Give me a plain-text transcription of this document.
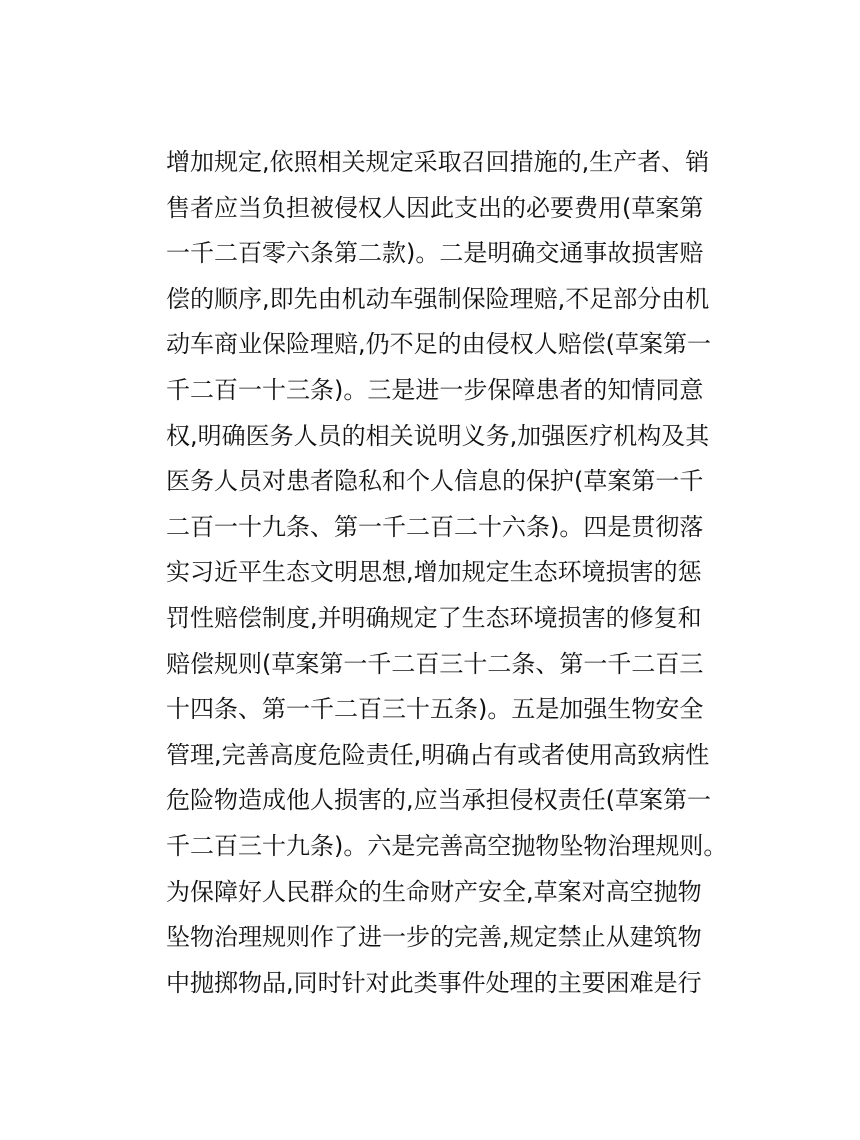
增加规定,依照相关规定采取召回措施的,生产者、销
售者应当负担被侵权人因此支出的必要费用(草案第
一千二百零六条第二款)。二是明确交通事故损害赔
偿的顺序,即先由机动车强制保险理赔,不足部分由机
动车商业保险理赔,仍不足的由侵权人赔偿(草案第一
千二百一十三条)。三是进一步保障患者的知情同意
权,明确医务人员的相关说明义务,加强医疗机构及其
医务人员对患者隐私和个人信息的保护(草案第一千
二百一十九条、第一千二百二十六条)。四是贯彻落
实习近平生态文明思想,增加规定生态环境损害的惩
罚性赔偿制度,并明确规定了生态环境损害的修复和
赔偿规则(草案第一千二百三十二条、第一千二百三
十四条、第一千二百三十五条)。五是加强生物安全
管理,完善高度危险责任,明确占有或者使用高致病性
危险物造成他人损害的,应当承担侵权责任(草案第一
千二百三十九条)。六是完善高空抛物坠物治理规则。
为保障好人民群众的生命财产安全,草案对高空抛物
坠物治理规则作了进一步的完善,规定禁止从建筑物
中抛掷物品,同时针对此类事件处理的主要困难是行
